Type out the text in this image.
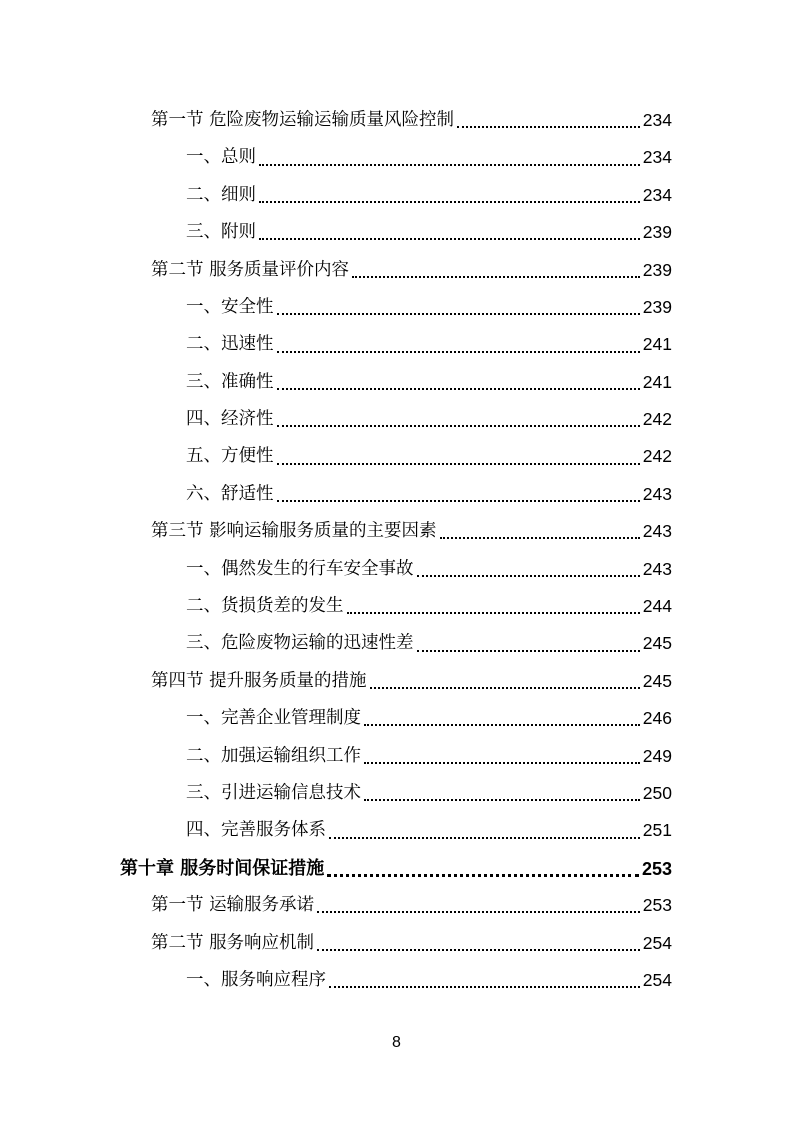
第一节 危险废物运输运输质量风险控制	234
一、总则	234
二、细则	234
三、附则	239
第二节 服务质量评价内容	239
一、安全性	239
二、迅速性	241
三、准确性	241
四、经济性	242
五、方便性	242
六、舒适性	243
第三节 影响运输服务质量的主要因素	243
一、偶然发生的行车安全事故	243
二、货损货差的发生	244
三、危险废物运输的迅速性差	245
第四节 提升服务质量的措施	245
一、完善企业管理制度	246
二、加强运输组织工作	249
三、引进运输信息技术	250
四、完善服务体系	251
第十章 服务时间保证措施	253
第一节 运输服务承诺	253
第二节 服务响应机制	254
一、服务响应程序	254
8
